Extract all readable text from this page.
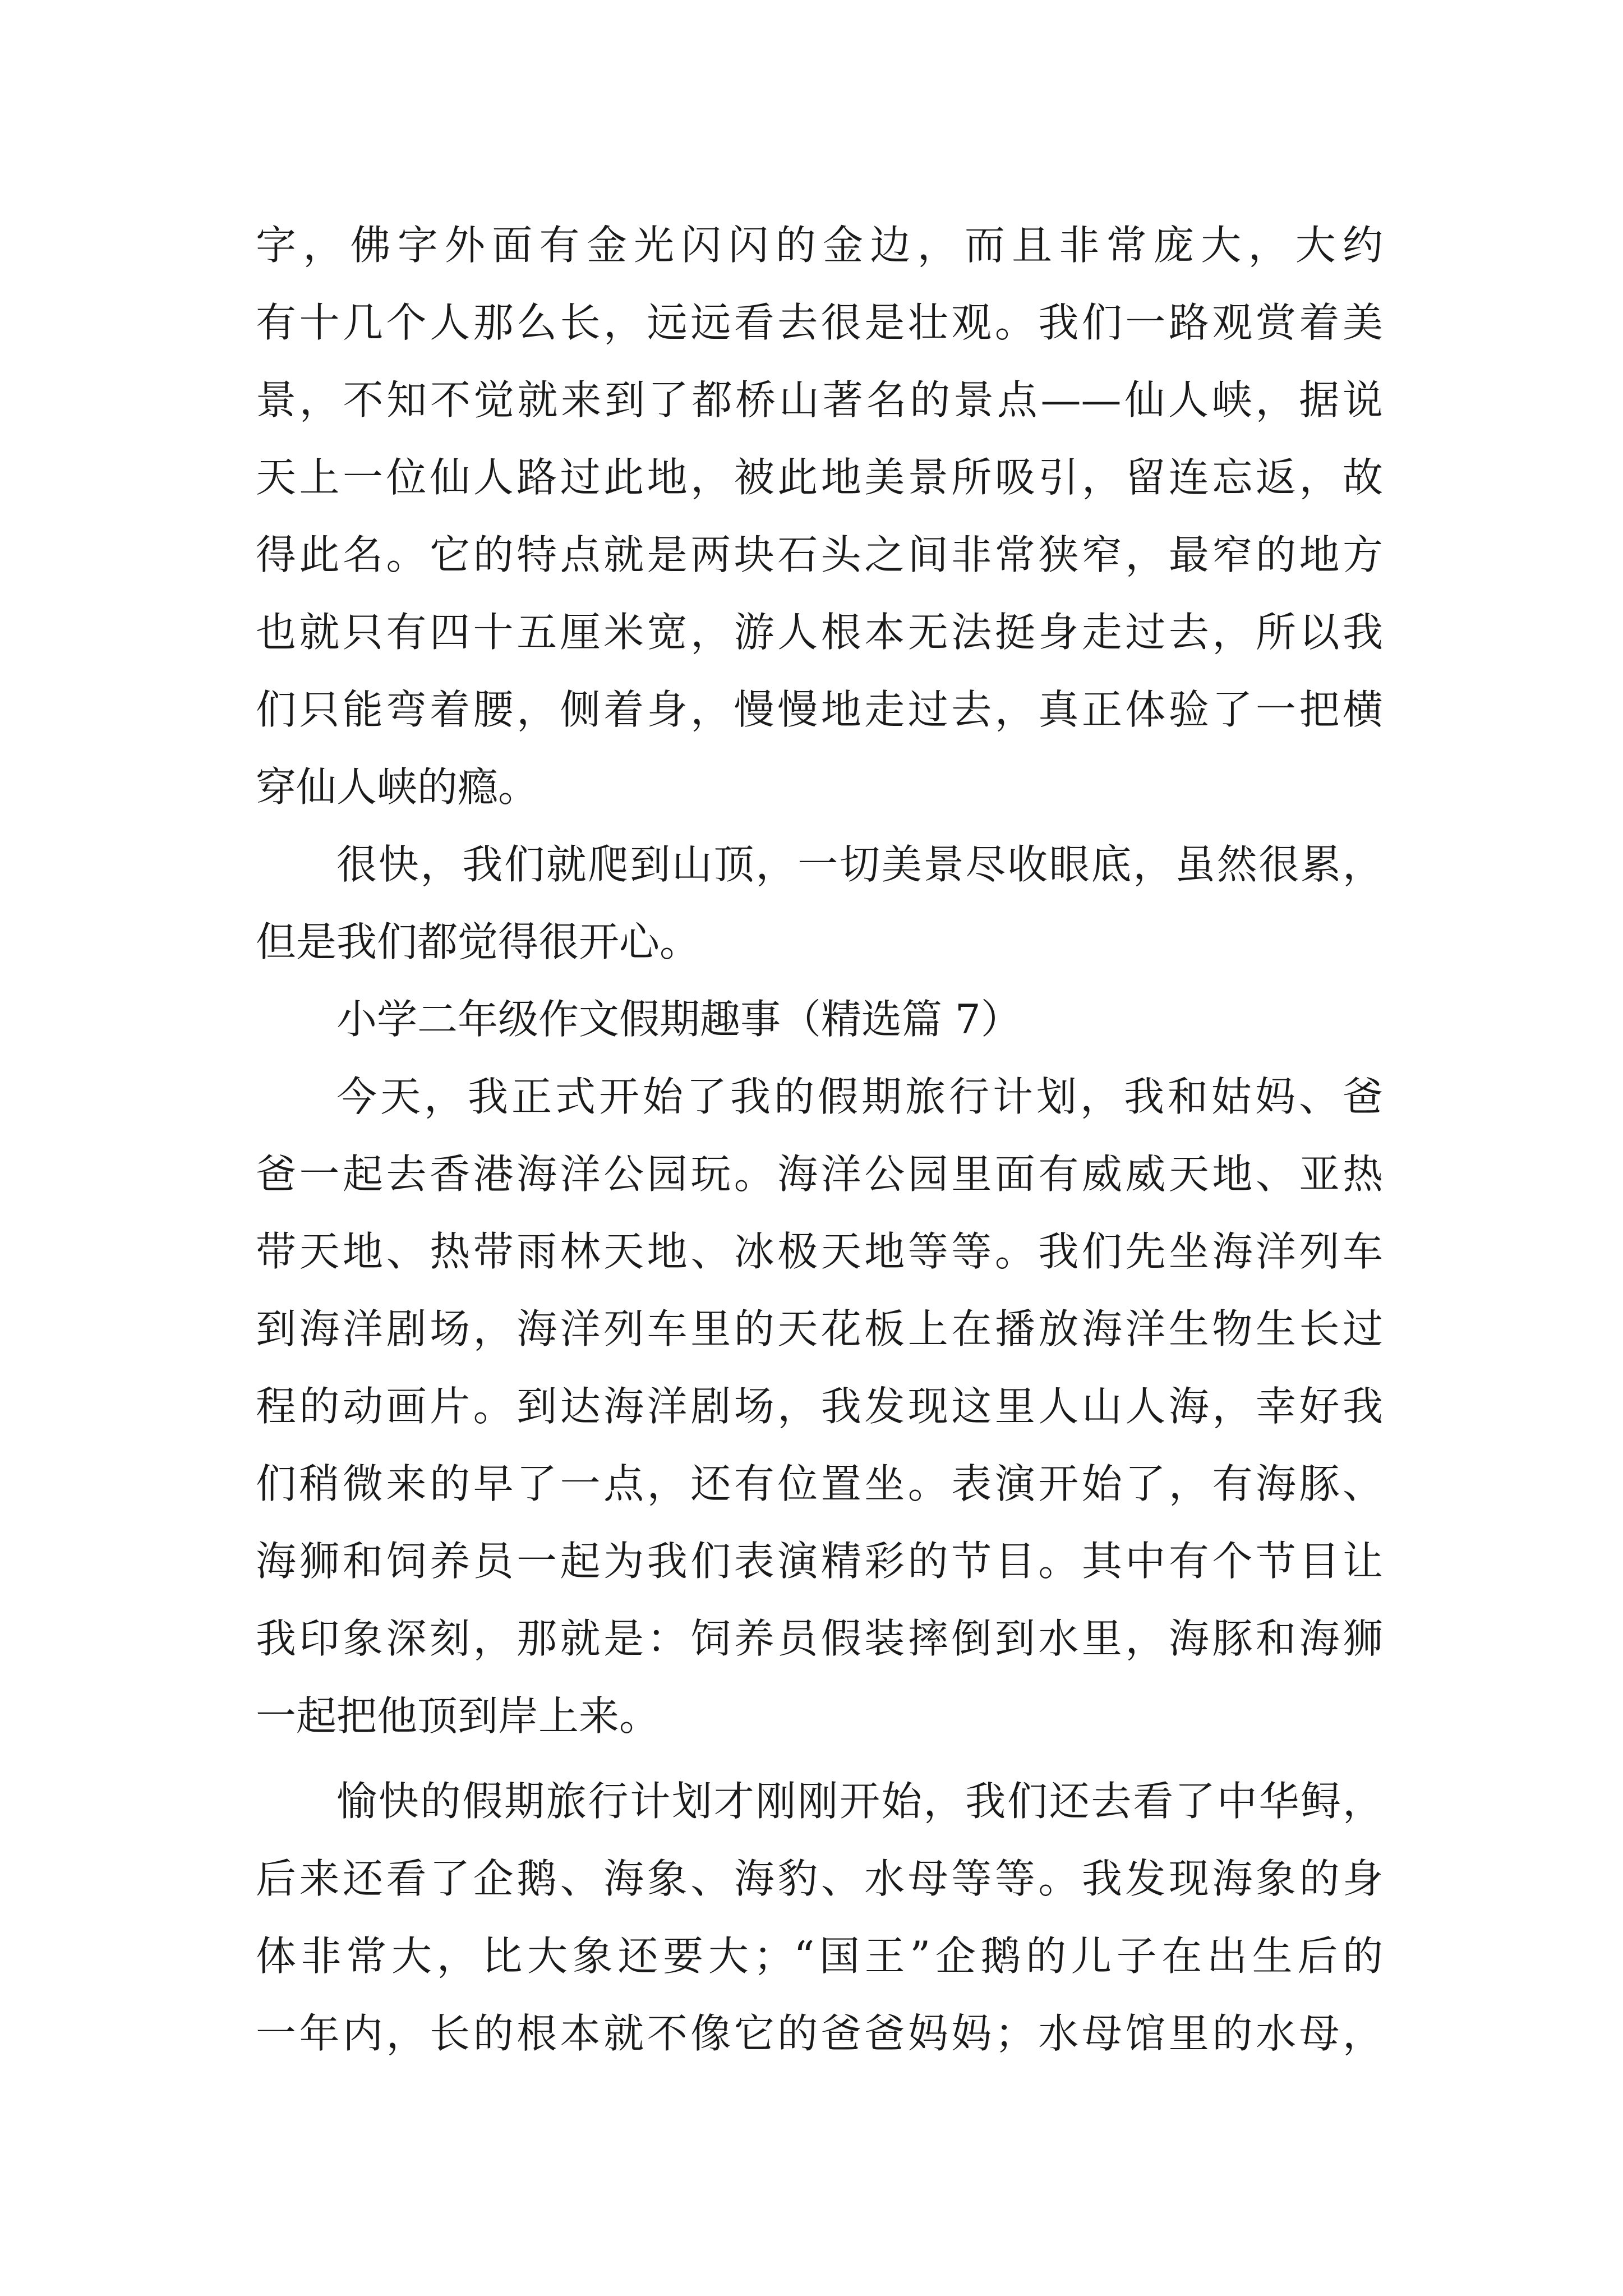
字，佛字外面有金光闪闪的金边，而且非常庞大，大约
有十几个人那么长，远远看去很是壮观。我们一路观赏着美
景，不知不觉就来到了都桥山著名的景点——仙人峡，据说
天上一位仙人路过此地，被此地美景所吸引，留连忘返，故
得此名。它的特点就是两块石头之间非常狭窄，最窄的地方
也就只有四十五厘米宽，游人根本无法挺身走过去，所以我
们只能弯着腰，侧着身，慢慢地走过去，真正体验了一把横
穿仙人峡的瘾。
很快，我们就爬到山顶，一切美景尽收眼底，虽然很累，
但是我们都觉得很开心。
小学二年级作文假期趣事（精选篇 7）
今天，我正式开始了我的假期旅行计划，我和姑妈、爸
爸一起去香港海洋公园玩。海洋公园里面有威威天地、亚热
带天地、热带雨林天地、冰极天地等等。我们先坐海洋列车
到海洋剧场，海洋列车里的天花板上在播放海洋生物生长过
程的动画片。到达海洋剧场，我发现这里人山人海，幸好我
们稍微来的早了一点，还有位置坐。表演开始了，有海豚、
海狮和饲养员一起为我们表演精彩的节目。其中有个节目让
我印象深刻，那就是：饲养员假装摔倒到水里，海豚和海狮
一起把他顶到岸上来。
愉快的假期旅行计划才刚刚开始，我们还去看了中华鲟，
后来还看了企鹅、海象、海豹、水母等等。我发现海象的身
体非常大，比大象还要大；“国王”企鹅的儿子在出生后的
一年内，长的根本就不像它的爸爸妈妈；水母馆里的水母，
